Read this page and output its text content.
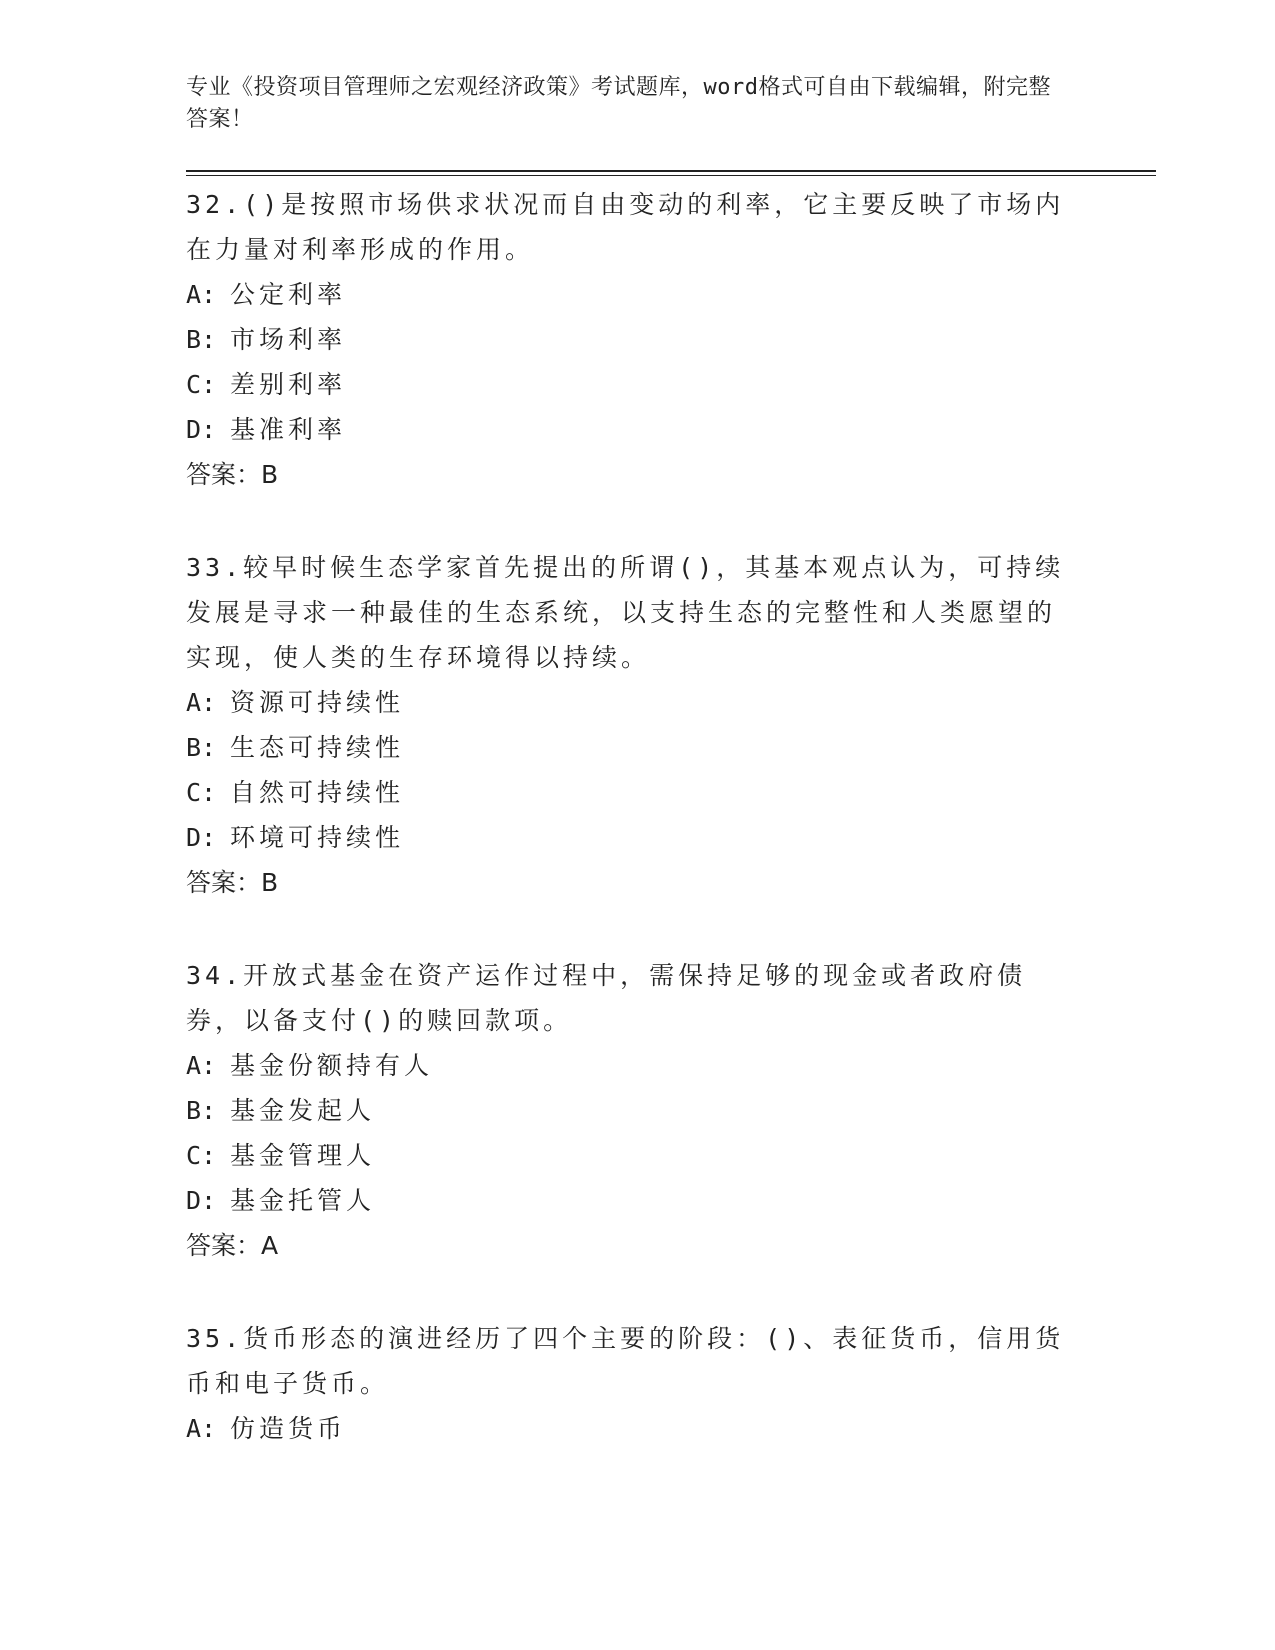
专业《投资项目管理师之宏观经济政策》考试题库，word格式可自由下载编辑，附完整答案！

32.()是按照市场供求状况而自由变动的利率，它主要反映了市场内在力量对利率形成的作用。

A: 公定利率

B: 市场利率

C: 差别利率

D: 基准利率

答案：B

33.较早时候生态学家首先提出的所谓()，其基本观点认为，可持续发展是寻求一种最佳的生态系统，以支持生态的完整性和人类愿望的实现，使人类的生存环境得以持续。

A: 资源可持续性

B: 生态可持续性

C: 自然可持续性

D: 环境可持续性

答案：B

34.开放式基金在资产运作过程中，需保持足够的现金或者政府债券，以备支付()的赎回款项。

A: 基金份额持有人

B: 基金发起人

C: 基金管理人

D: 基金托管人

答案：A

35.货币形态的演进经历了四个主要的阶段：()、表征货币，信用货币和电子货币。

A: 仿造货币
